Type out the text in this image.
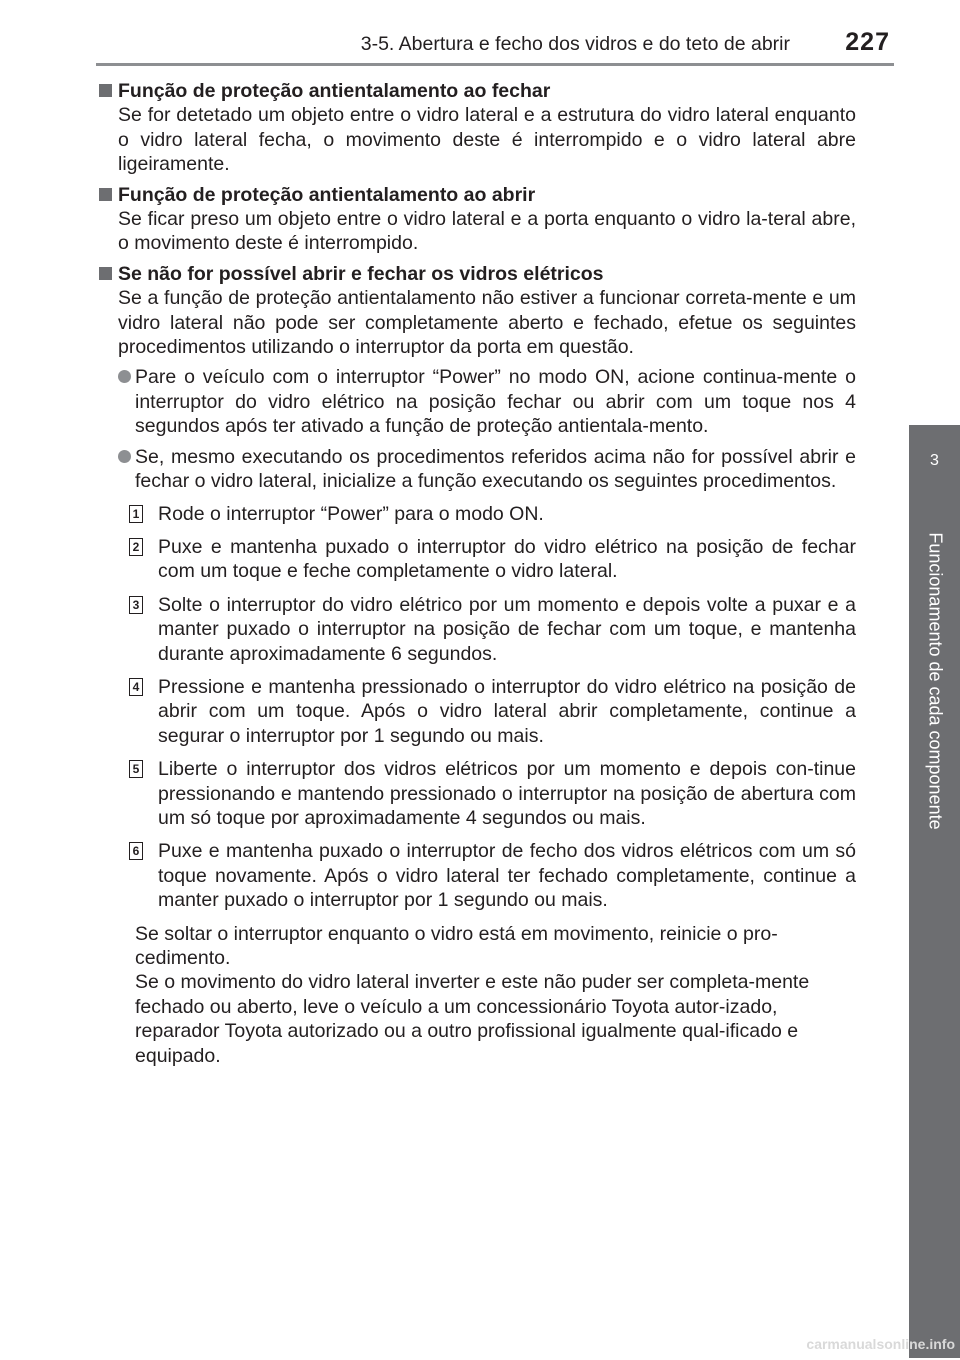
3-5. Abertura e fecho dos vidros e do teto de abrir	227
3
Funcionamento de cada componente
Função de proteção antientalamento ao fechar
Se for detetado um objeto entre o vidro lateral e a estrutura do vidro lateral enquanto o vidro lateral fecha, o movimento deste é interrompido e o vidro lateral abre ligeiramente.
Função de proteção antientalamento ao abrir
Se ficar preso um objeto entre o vidro lateral e a porta enquanto o vidro la-teral abre, o movimento deste é interrompido.
Se não for possível abrir e fechar os vidros elétricos
Se a função de proteção antientalamento não estiver a funcionar correta-mente e um vidro lateral não pode ser completamente aberto e fechado, efetue os seguintes procedimentos utilizando o interruptor da porta em questão.
Pare o veículo com o interruptor “Power” no modo ON, acione continua-mente o interruptor do vidro elétrico na posição fechar ou abrir com um toque nos 4 segundos após ter ativado a função de proteção antientala-mento.
Se, mesmo executando os procedimentos referidos acima não for possível abrir e fechar o vidro lateral, inicialize a função executando os seguintes procedimentos.
1 Rode o interruptor “Power” para o modo ON.
2 Puxe e mantenha puxado o interruptor do vidro elétrico na posição de fechar com um toque e feche completamente o vidro lateral.
3 Solte o interruptor do vidro elétrico por um momento e depois volte a puxar e a manter puxado o interruptor na posição de fechar com um toque, e mantenha durante aproximadamente 6 segundos.
4 Pressione e mantenha pressionado o interruptor do vidro elétrico na posição de abrir com um toque. Após o vidro lateral abrir completamente, continue a segurar o interruptor por 1 segundo ou mais.
5 Liberte o interruptor dos vidros elétricos por um momento e depois con-tinue pressionando e mantendo pressionado o interruptor na posição de abertura com um só toque por aproximadamente 4 segundos ou mais.
6 Puxe e mantenha puxado o interruptor de fecho dos vidros elétricos com um só toque novamente. Após o vidro lateral ter fechado completamente, continue a manter puxado o interruptor por 1 segundo ou mais.
Se soltar o interruptor enquanto o vidro está em movimento, reinicie o pro-cedimento.
Se o movimento do vidro lateral inverter e este não puder ser completa-mente fechado ou aberto, leve o veículo a um concessionário Toyota autor-izado, reparador Toyota autorizado ou a outro profissional igualmente qual-ificado e equipado.
carmanualsonline.info
